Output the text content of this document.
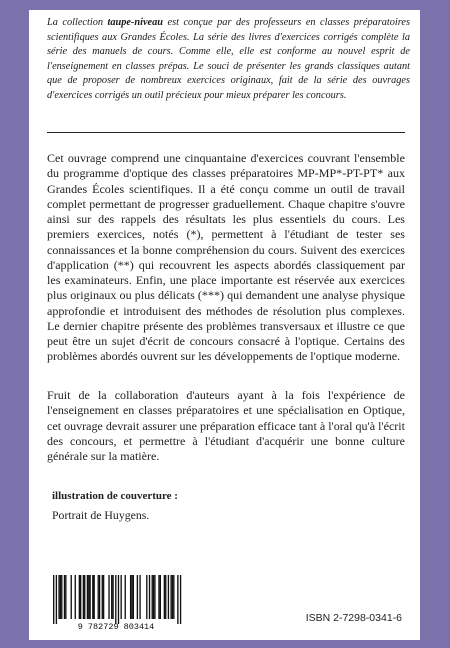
La collection taupe-niveau est conçue par des professeurs en classes préparatoires scientifiques aux Grandes Écoles. La série des livres d'exercices corrigés complète la série des manuels de cours. Comme elle, elle est conforme au nouvel esprit de l'enseignement en classes prépas. Le souci de présenter les grands classiques autant que de proposer de nombreux exercices originaux, fait de la série des ouvrages d'exercices corrigés un outil précieux pour mieux préparer les concours.

Cet ouvrage comprend une cinquantaine d'exercices couvrant l'ensemble du programme d'optique des classes préparatoires MP-MP*-PT-PT* aux Grandes Écoles scientifiques. Il a été conçu comme un outil de travail complet permettant de progresser graduellement. Chaque chapitre s'ouvre ainsi sur des rappels des résultats les plus essentiels du cours. Les premiers exercices, notés (*), permettent à l'étudiant de tester ses connaissances et la bonne compréhension du cours. Suivent des exercices d'application (**) qui recouvrent les aspects abordés classiquement par les examinateurs. Enfin, une place importante est réservée aux exercices plus originaux ou plus délicats (***) qui demandent une analyse physique approfondie et introduisent des méthodes de résolution plus complexes. Le dernier chapitre présente des problèmes transversaux et illustre ce que peut être un sujet d'écrit de concours consacré à l'optique. Certains des problèmes abordés ouvrent sur les développements de l'optique moderne.

Fruit de la collaboration d'auteurs ayant à la fois l'expérience de l'enseignement en classes préparatoires et une spécialisation en Optique, cet ouvrage devrait assurer une préparation efficace tant à l'oral qu'à l'écrit des concours, et permettre à l'étudiant d'acquérir une bonne culture générale sur la matière.

illustration de couverture :

Portrait de Huygens.

9 782729 803414

ISBN 2-7298-0341-6
